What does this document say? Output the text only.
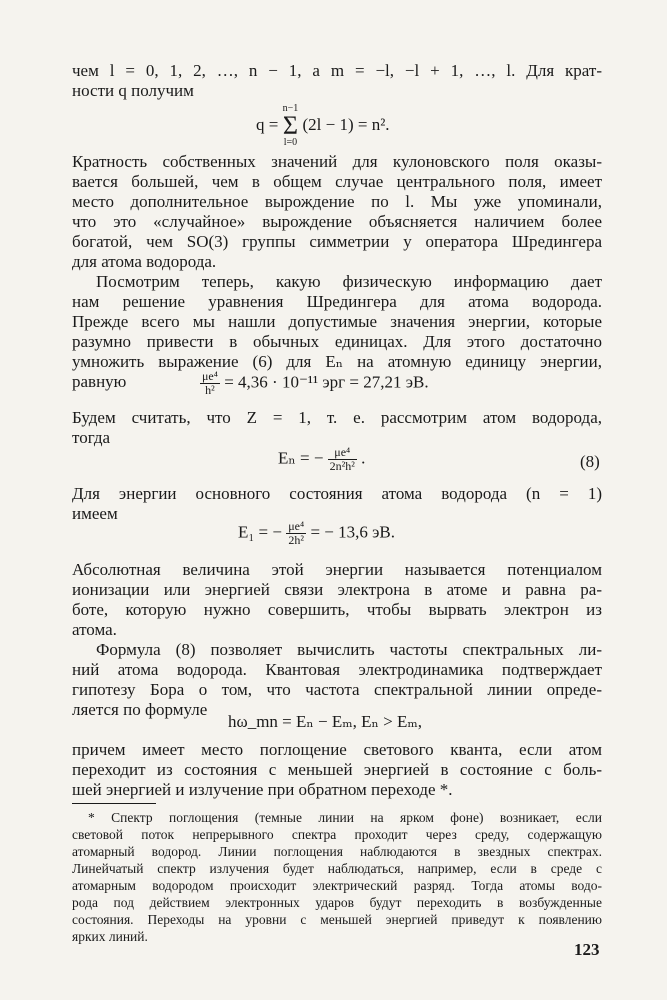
чем l = 0, 1, 2, …, n − 1, а m = −l, −l + 1, …, l. Для крат-
ности q получим
q = n−1
Σ
l=0 (2l − 1) = n².
Кратность собственных значений для кулоновского поля оказы-
вается большей, чем в общем случае центрального поля, имеет
место дополнительное вырождение по l. Мы уже упоминали,
что это «случайное» вырождение объясняется наличием более
богатой, чем SO(3) группы симметрии у оператора Шредингера
для атома водорода.
Посмотрим теперь, какую физическую информацию дает
нам решение уравнения Шредингера для атома водорода.
Прежде всего мы нашли допустимые значения энергии, которые
разумно привести в обычных единицах. Для этого достаточно
умножить выражение (6) для Eₙ на атомную единицу энергии,
равную	$\frac{\text{μe⁴}}{\text{h²}} = 4,36 \cdot 10^{-11}$ эрг = 27,21 эВ.
Будем считать, что Z = 1, т. е. рассмотрим атом водорода,
тогда
Eₙ = − $\frac{\text{μe⁴}}{\text{2n²h²}}$ .	(8)
Для энергии основного состояния атома водорода (n = 1)
имеем
E₁ = − $\frac{\text{μe⁴}}{\text{2h²}}$ = − 13,6 эВ.
Абсолютная величина этой энергии называется потенциалом
ионизации или энергией связи электрона в атоме и равна ра-
боте, которую нужно совершить, чтобы вырвать электрон из
атома.
Формула (8) позволяет вычислить частоты спектральных ли-
ний атома водорода. Квантовая электродинамика подтверждает
гипотезу Бора о том, что частота спектральной линии опреде-
ляется по формуле
hω_mn = Eₙ − Eₘ, Eₙ > Eₘ,
причем имеет место поглощение светового кванта, если атом
переходит из состояния с меньшей энергией в состояние с боль-
шей энергией и излучение при обратном переходе *.
* Спектр поглощения (темные линии на ярком фоне) возникает, если
световой поток непрерывного спектра проходит через среду, содержащую
атомарный водород. Линии поглощения наблюдаются в звездных спектрах.
Линейчатый спектр излучения будет наблюдаться, например, если в среде с
атомарным водородом происходит электрический разряд. Тогда атомы водо-
рода под действием электронных ударов будут переходить в возбужденные
состояния. Переходы на уровни с меньшей энергией приведут к появлению
ярких линий.
123
